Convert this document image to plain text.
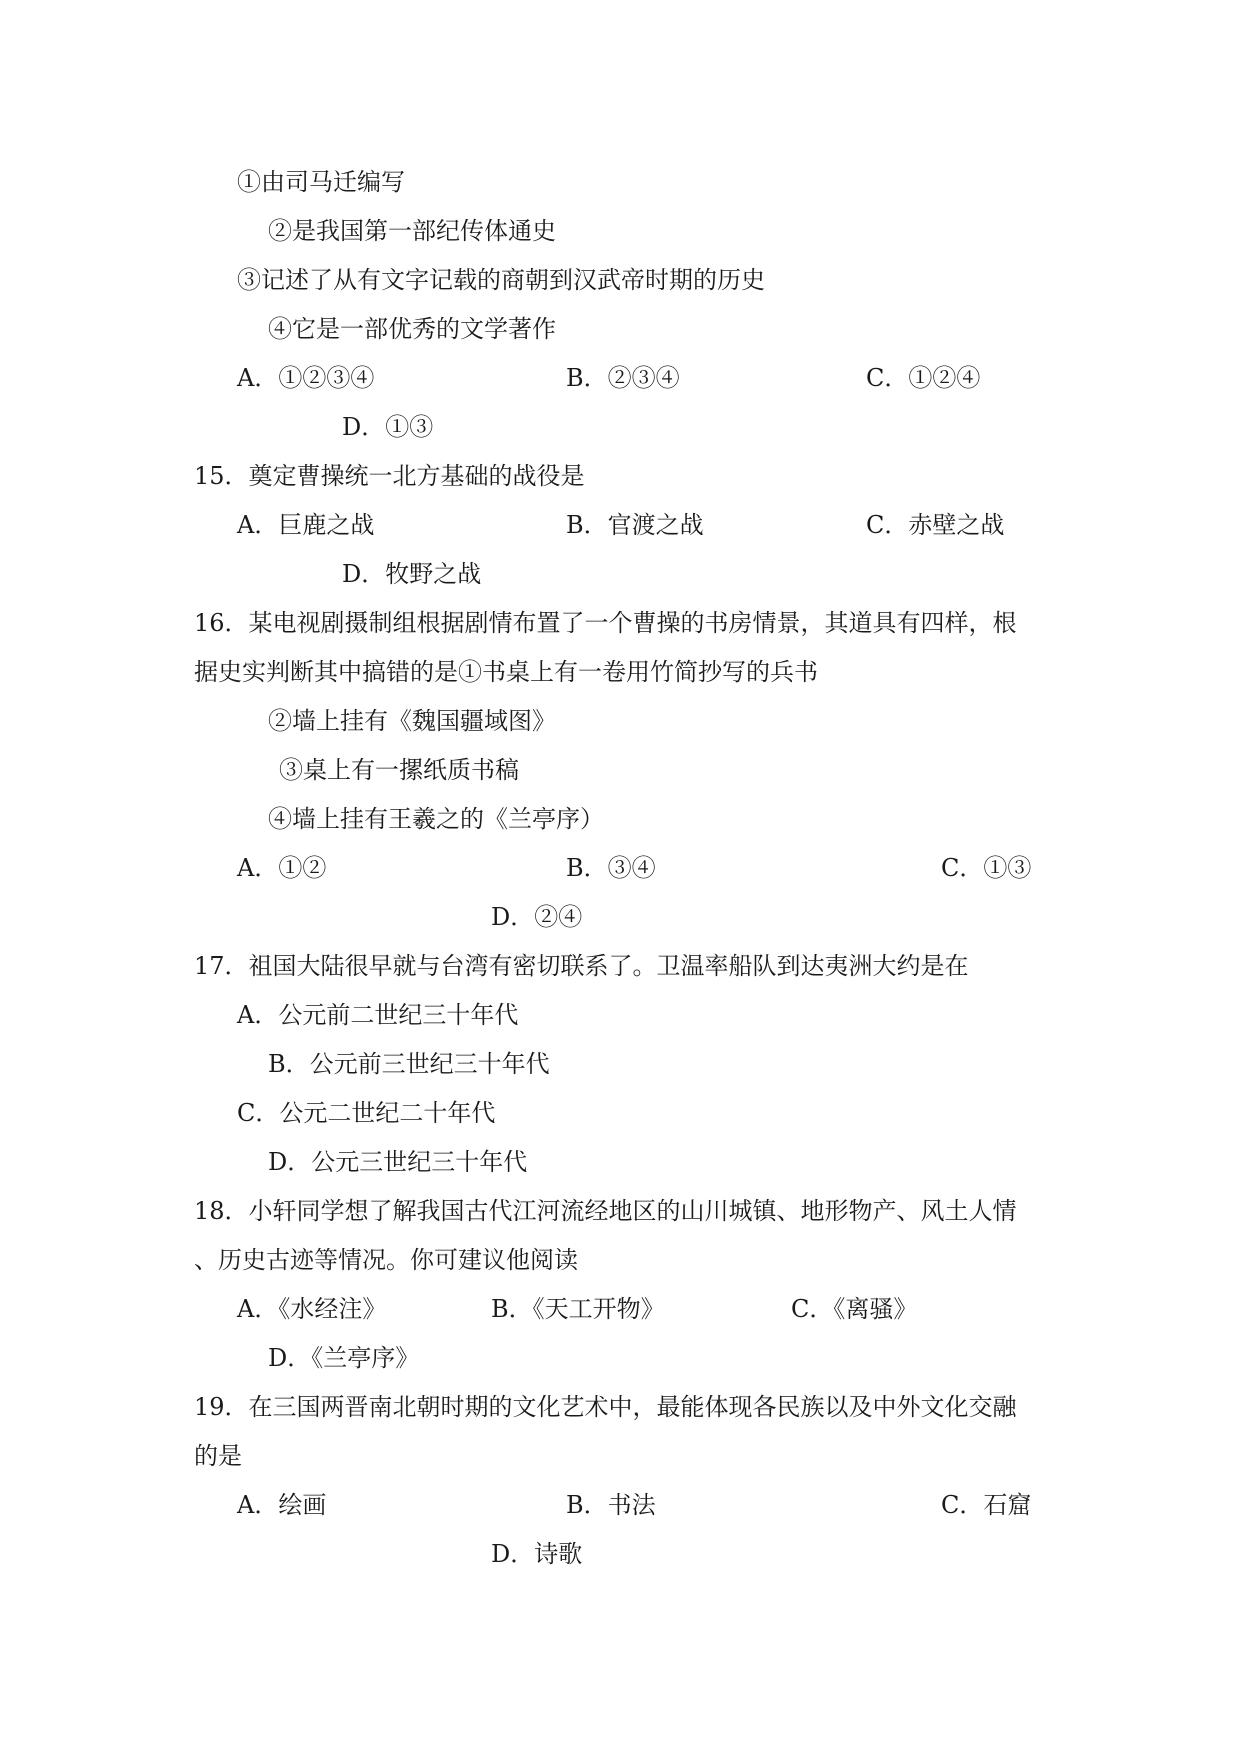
①由司马迁编写
②是我国第一部纪传体通史
③记述了从有文字记载的商朝到汉武帝时期的历史
④它是一部优秀的文学著作
A．①②③④	B．②③④	C．①②④
D．①③
15．奠定曹操统一北方基础的战役是
A．巨鹿之战	B．官渡之战	C．赤壁之战
D．牧野之战
16．某电视剧摄制组根据剧情布置了一个曹操的书房情景，其道具有四样，根
据史实判断其中搞错的是①书桌上有一卷用竹简抄写的兵书
②墙上挂有《魏国疆域图》
③桌上有一摞纸质书稿
④墙上挂有王羲之的《兰亭序）
A．①②	B．③④	C．①③
D．②④
17．祖国大陆很早就与台湾有密切联系了。卫温率船队到达夷洲大约是在
A．公元前二世纪三十年代
B．公元前三世纪三十年代
C．公元二世纪二十年代
D．公元三世纪三十年代
18．小轩同学想了解我国古代江河流经地区的山川城镇、地形物产、风土人情
、历史古迹等情况。你可建议他阅读
A．《水经注》	B．《天工开物》	C．《离骚》
D．《兰亭序》
19．在三国两晋南北朝时期的文化艺术中，最能体现各民族以及中外文化交融
的是
A．绘画	B．书法	C．石窟
D．诗歌
